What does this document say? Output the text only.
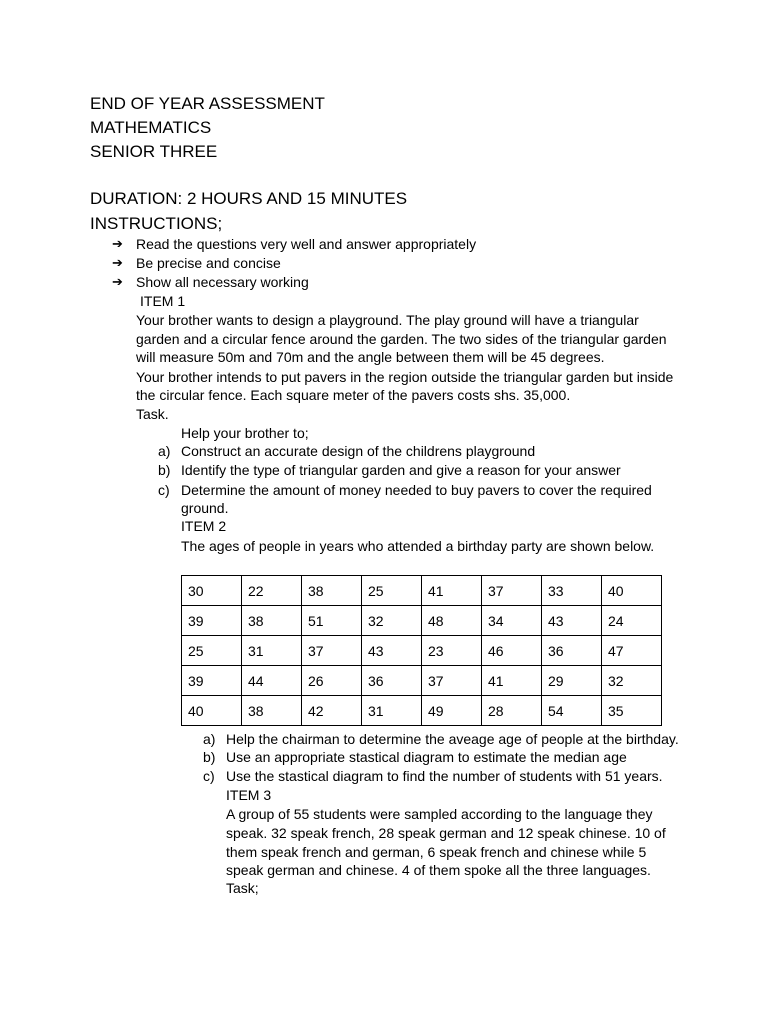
END OF YEAR ASSESSMENT
MATHEMATICS
SENIOR THREE
DURATION: 2 HOURS AND 15 MINUTES
INSTRUCTIONS;
➔ Read the questions very well and answer appropriately
➔ Be precise and concise
➔ Show all necessary working
ITEM 1
Your brother wants to design a playground. The play ground will have a triangular
garden and a circular fence around the garden. The two sides of the triangular garden
will measure 50m and 70m and the angle between them will be 45 degrees.
Your brother intends to put pavers in the region outside the triangular garden but inside
the circular fence. Each square meter of the pavers costs shs. 35,000.
Task.
Help your brother to;
a) Construct an accurate design of the childrens playground
b) Identify the type of triangular garden and give a reason for your answer
c) Determine the amount of money needed to buy pavers to cover the required
ground.
ITEM 2
The ages of people in years who attended a birthday party are shown below.
30	22	38	25	41	37	33	40
39	38	51	32	48	34	43	24
25	31	37	43	23	46	36	47
39	44	26	36	37	41	29	32
40	38	42	31	49	28	54	35
a) Help the chairman to determine the aveage age of people at the birthday.
b) Use an appropriate stastical diagram to estimate the median age
c) Use the stastical diagram to find the number of students with 51 years.
ITEM 3
A group of 55 students were sampled according to the language they
speak. 32 speak french, 28 speak german and 12 speak chinese. 10 of
them speak french and german, 6 speak french and chinese while 5
speak german and chinese. 4 of them spoke all the three languages.
Task;
